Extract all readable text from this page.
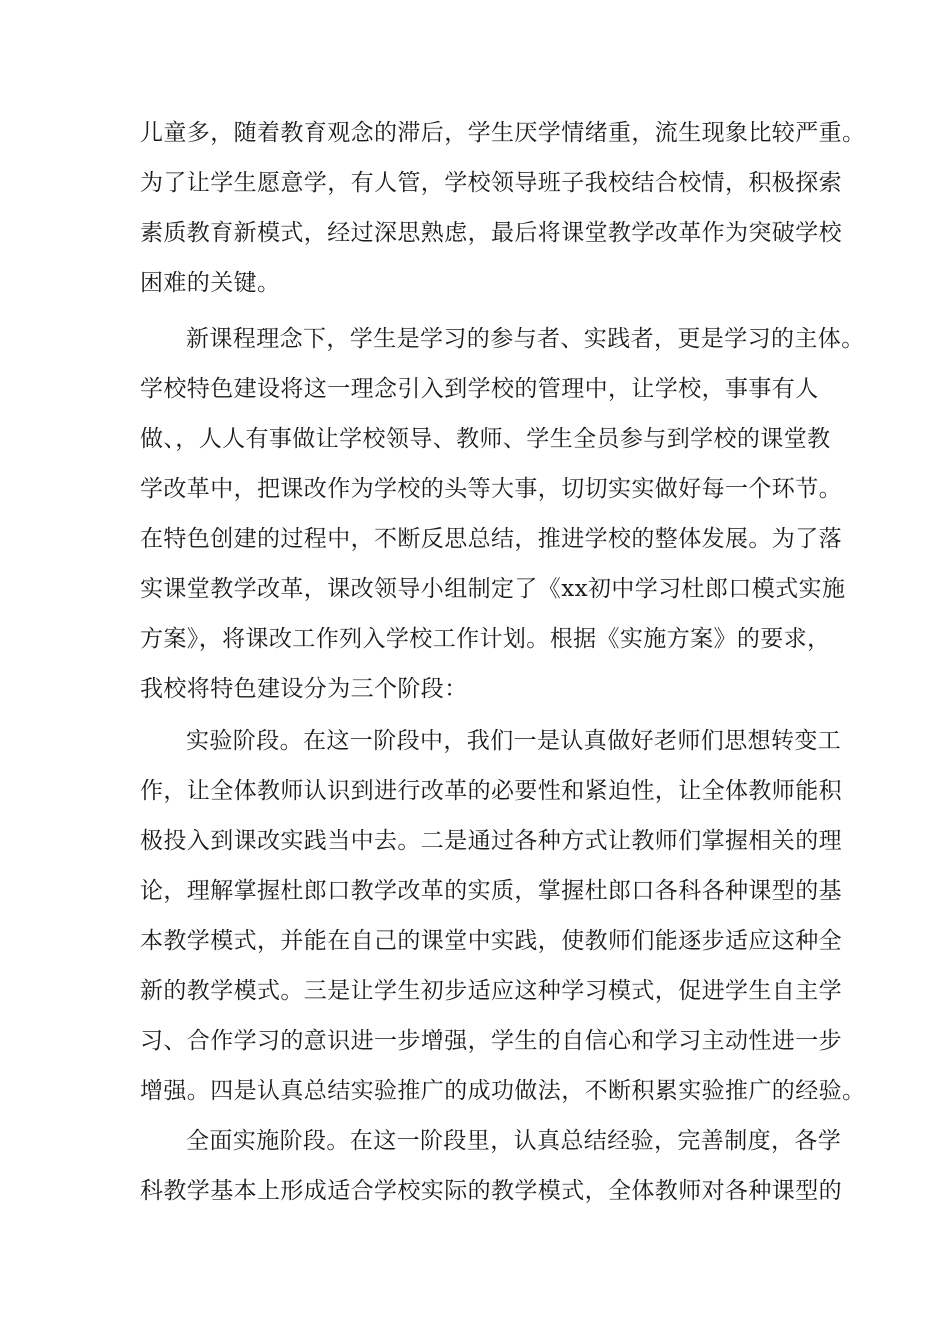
儿童多，随着教育观念的滞后，学生厌学情绪重，流生现象比较严重。
为了让学生愿意学，有人管，学校领导班子我校结合校情，积极探索
素质教育新模式，经过深思熟虑，最后将课堂教学改革作为突破学校
困难的关键。
新课程理念下，学生是学习的参与者、实践者，更是学习的主体。
学校特色建设将这一理念引入到学校的管理中，让学校，事事有人
做、，人人有事做让学校领导、教师、学生全员参与到学校的课堂教
学改革中，把课改作为学校的头等大事，切切实实做好每一个环节。
在特色创建的过程中，不断反思总结，推进学校的整体发展。为了落
实课堂教学改革，课改领导小组制定了《xx初中学习杜郎口模式实施
方案》，将课改工作列入学校工作计划。根据《实施方案》的要求，
我校将特色建设分为三个阶段：
实验阶段。在这一阶段中，我们一是认真做好老师们思想转变工
作，让全体教师认识到进行改革的必要性和紧迫性，让全体教师能积
极投入到课改实践当中去。二是通过各种方式让教师们掌握相关的理
论，理解掌握杜郎口教学改革的实质，掌握杜郎口各科各种课型的基
本教学模式，并能在自己的课堂中实践，使教师们能逐步适应这种全
新的教学模式。三是让学生初步适应这种学习模式，促进学生自主学
习、合作学习的意识进一步增强，学生的自信心和学习主动性进一步
增强。四是认真总结实验推广的成功做法，不断积累实验推广的经验。
全面实施阶段。在这一阶段里，认真总结经验，完善制度，各学
科教学基本上形成适合学校实际的教学模式，全体教师对各种课型的
